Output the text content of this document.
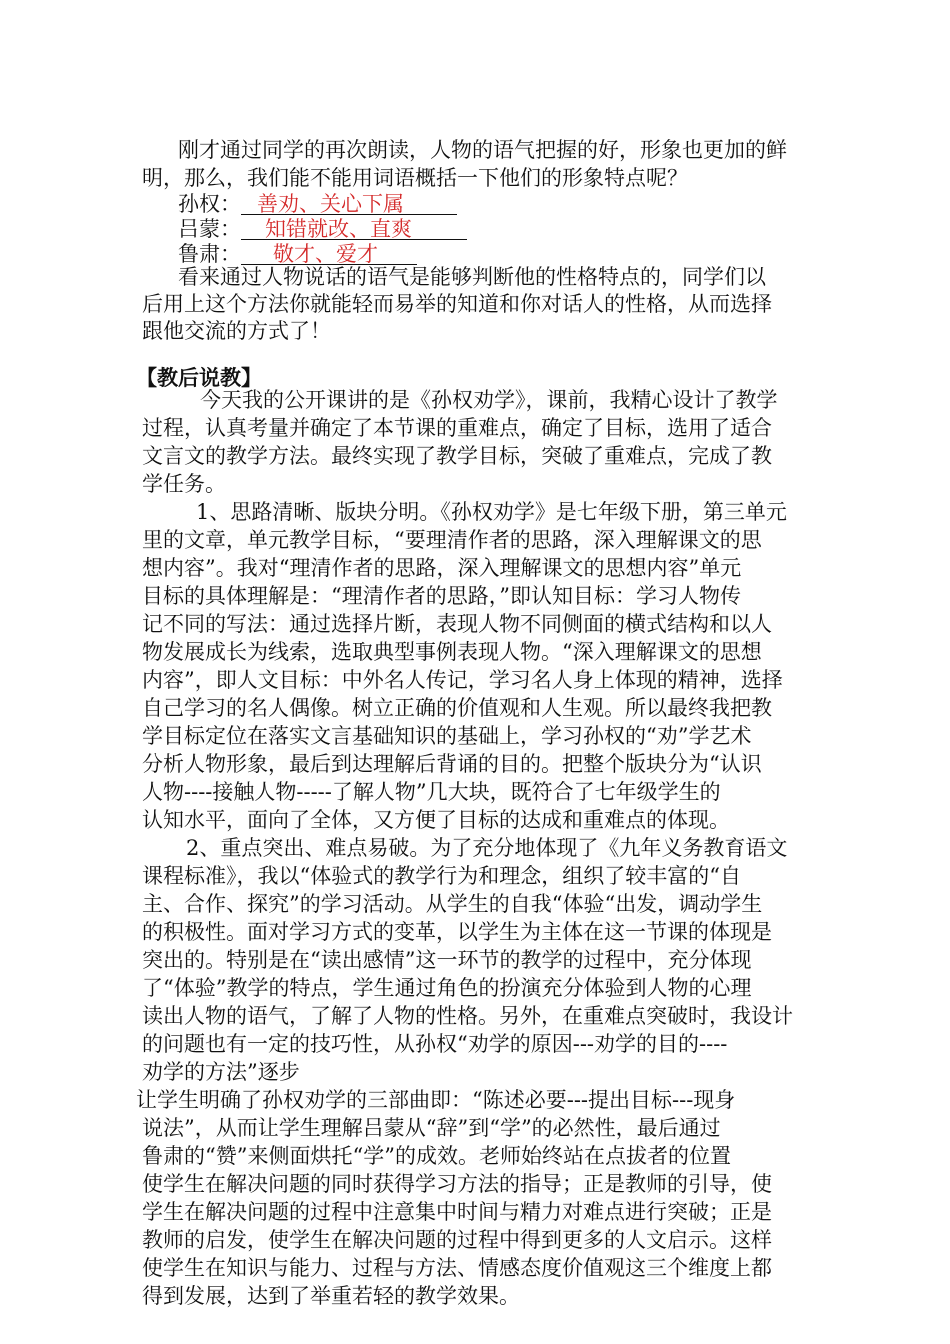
刚才通过同学的再次朗读，人物的语气把握的好，形象也更加的鲜
明，那么，我们能不能用词语概括一下他们的形象特点呢？
孙权： 善劝、关心下属
吕蒙： 知错就改、直爽
鲁肃： 敬才、爱才
看来通过人物说话的语气是能够判断他的性格特点的，同学们以
后用上这个方法你就能轻而易举的知道和你对话人的性格，从而选择
跟他交流的方式了！
【教后说教】
今天我的公开课讲的是《孙权劝学》，课前，我精心设计了教学
过程，认真考量并确定了本节课的重难点，确定了目标，选用了适合
文言文的教学方法。最终实现了教学目标，突破了重难点，完成了教
学任务。
1、思路清晰、版块分明。《孙权劝学》是七年级下册，第三单元
里的文章，单元教学目标，“要理清作者的思路，深入理解课文的思
想内容”。我对“理清作者的思路，深入理解课文的思想内容”单元
目标的具体理解是：“理清作者的思路，”即认知目标：学习人物传
记不同的写法：通过选择片断，表现人物不同侧面的横式结构和以人
物发展成长为线索，选取典型事例表现人物。“深入理解课文的思想
内容”，即人文目标：中外名人传记，学习名人身上体现的精神，选择
自己学习的名人偶像。树立正确的价值观和人生观。所以最终我把教
学目标定位在落实文言基础知识的基础上，学习孙权的“劝”学艺术
分析人物形象，最后到达理解后背诵的目的。把整个版块分为“认识
人物----接触人物-----了解人物”几大块，既符合了七年级学生的
认知水平，面向了全体，又方便了目标的达成和重难点的体现。
2、重点突出、难点易破。为了充分地体现了《九年义务教育语文
课程标准》，我以“体验式的教学行为和理念，组织了较丰富的“自
主、合作、探究”的学习活动。从学生的自我“体验“出发，调动学生
的积极性。面对学习方式的变革，以学生为主体在这一节课的体现是
突出的。特别是在“读出感情”这一环节的教学的过程中，充分体现
了“体验”教学的特点，学生通过角色的扮演充分体验到人物的心理
读出人物的语气，了解了人物的性格。另外，在重难点突破时，我设计
的问题也有一定的技巧性，从孙权“劝学的原因---劝学的目的----
劝学的方法”逐步
让学生明确了孙权劝学的三部曲即：“陈述必要---提出目标---现身
说法”，从而让学生理解吕蒙从“辞”到“学”的必然性，最后通过
鲁肃的“赞”来侧面烘托“学”的成效。老师始终站在点拔者的位置
使学生在解决问题的同时获得学习方法的指导；正是教师的引导，使
学生在解决问题的过程中注意集中时间与精力对难点进行突破；正是
教师的启发，使学生在解决问题的过程中得到更多的人文启示。这样
使学生在知识与能力、过程与方法、情感态度价值观这三个维度上都
得到发展，达到了举重若轻的教学效果。
